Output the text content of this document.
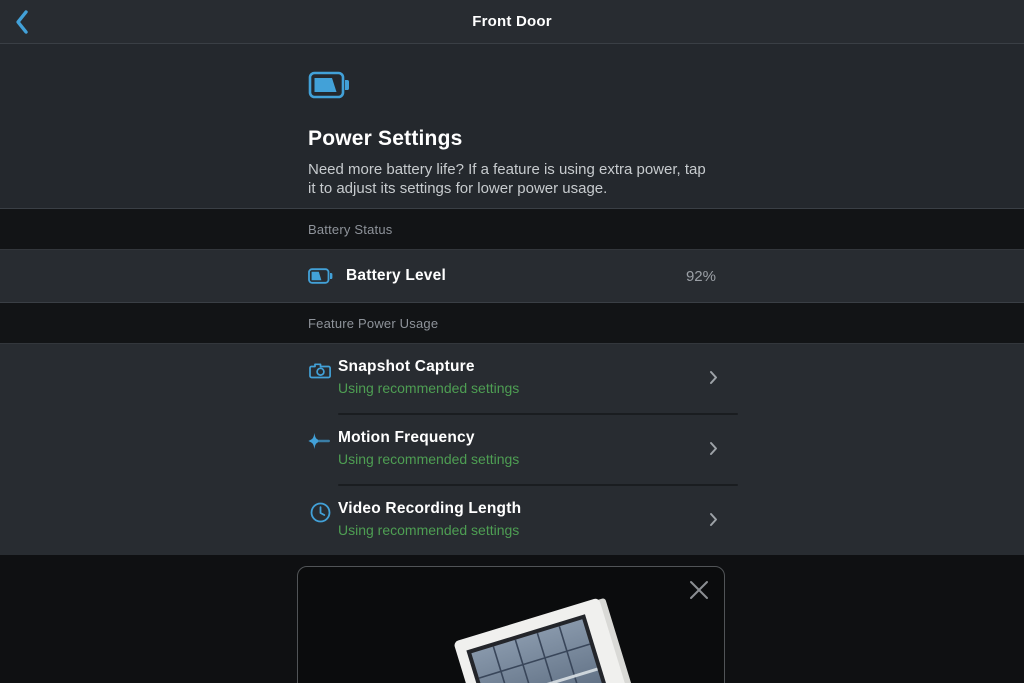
Front Door
Power Settings
Need more battery life? If a feature is using extra power, tap it to adjust its settings for lower power usage.
Battery Status
Battery Level	92%
Feature Power Usage
Snapshot Capture
Using recommended settings
Motion Frequency
Using recommended settings
Video Recording Length
Using recommended settings
